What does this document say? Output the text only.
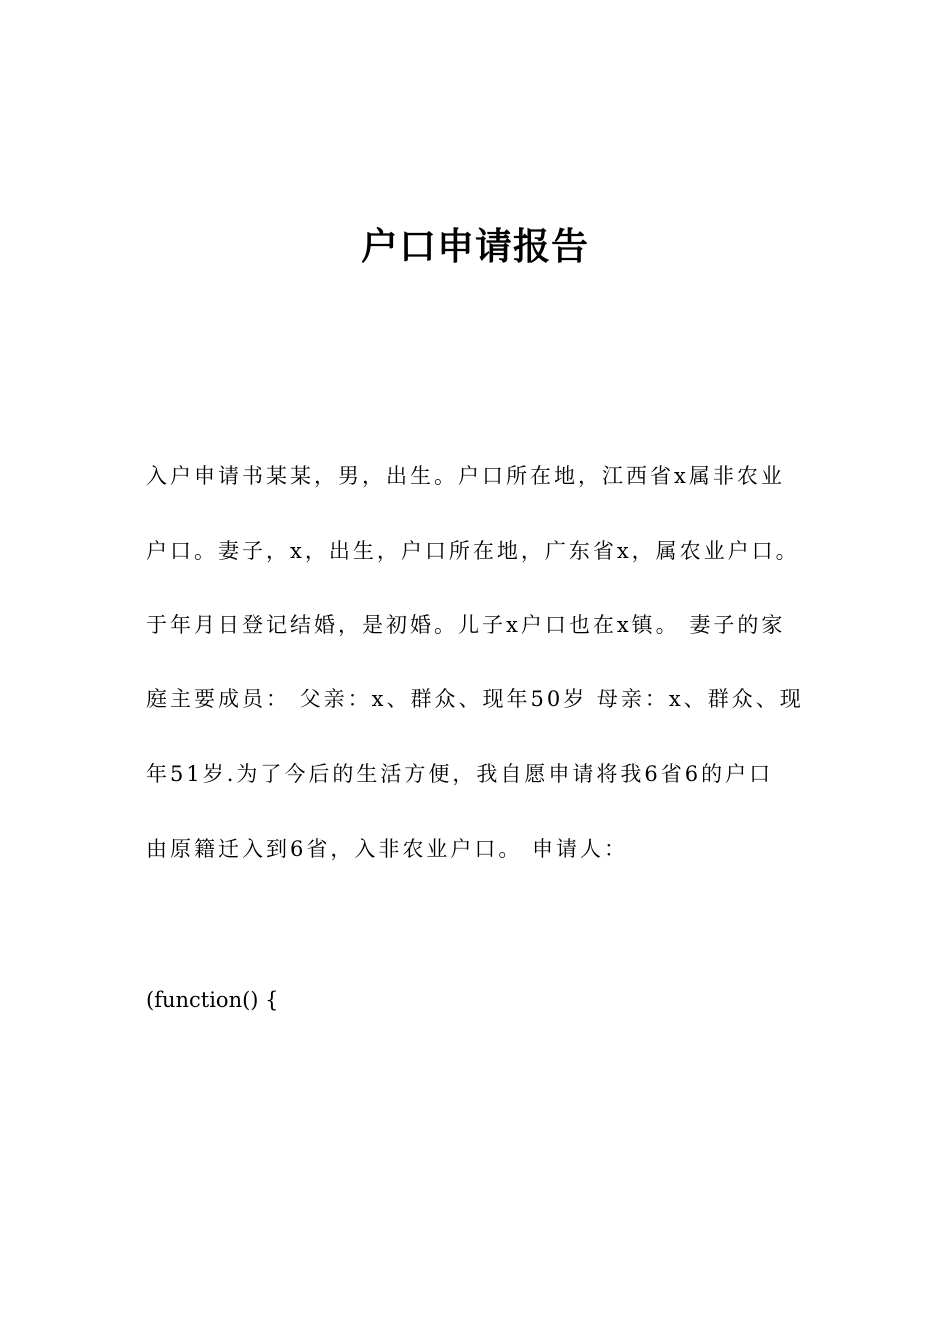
户口申请报告

入户申请书某某，男，出生。户口所在地，江西省x属非农业

户口。妻子，x，出生，户口所在地，广东省x，属农业户口。

于年月日登记结婚，是初婚。儿子x户口也在x镇。 妻子的家

庭主要成员： 父亲：x、群众、现年50岁 母亲：x、群众、现

年51岁.为了今后的生活方便，我自愿申请将我6省6的户口

由原籍迁入到6省，入非农业户口。 申请人：

(function() {
